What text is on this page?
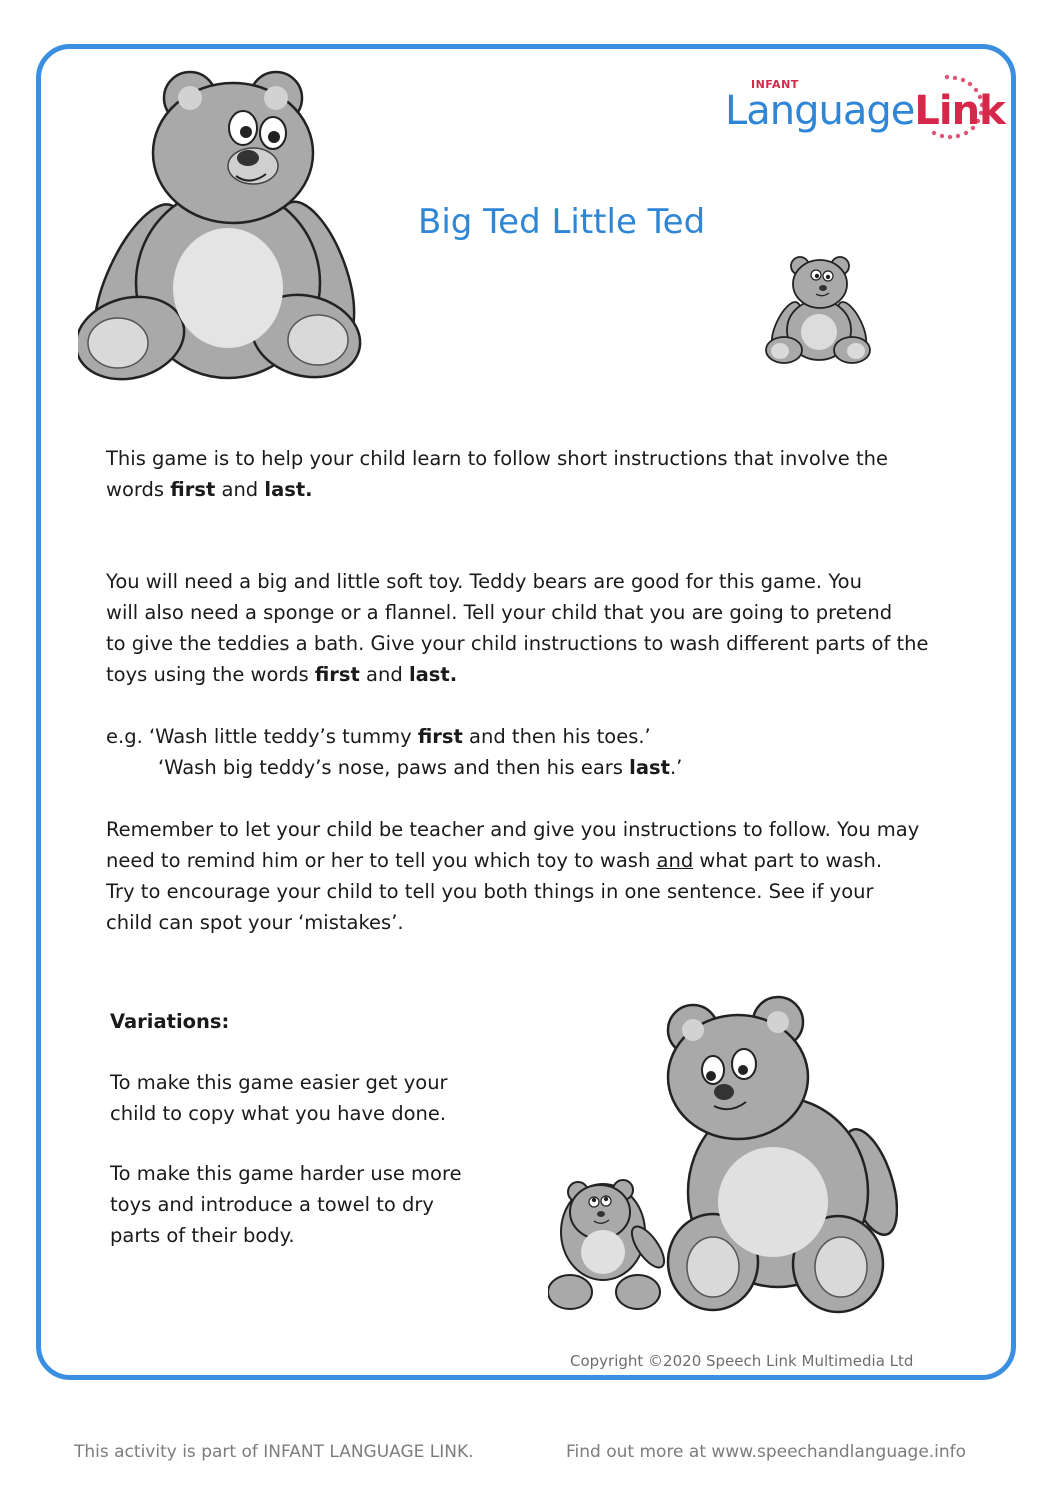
INFANT
LanguageLink
Big Ted Little Ted
This game is to help your child learn to follow short instructions that involve the
words first and last.
You will need a big and little soft toy. Teddy bears are good for this game. You
will also need a sponge or a flannel. Tell your child that you are going to pretend
to give the teddies a bath. Give your child instructions to wash different parts of the
toys using the words first and last.
e.g. ‘Wash little teddy’s tummy first and then his toes.’
‘Wash big teddy’s nose, paws and then his ears last.’
Remember to let your child be teacher and give you instructions to follow. You may
need to remind him or her to tell you which toy to wash and what part to wash.
Try to encourage your child to tell you both things in one sentence. See if your
child can spot your ‘mistakes’.
Variations:
To make this game easier get your
child to copy what you have done.
To make this game harder use more
toys and introduce a towel to dry
parts of their body.
Copyright ©2020 Speech Link Multimedia Ltd
This activity is part of INFANT LANGUAGE LINK.	Find out more at www.speechandlanguage.info
